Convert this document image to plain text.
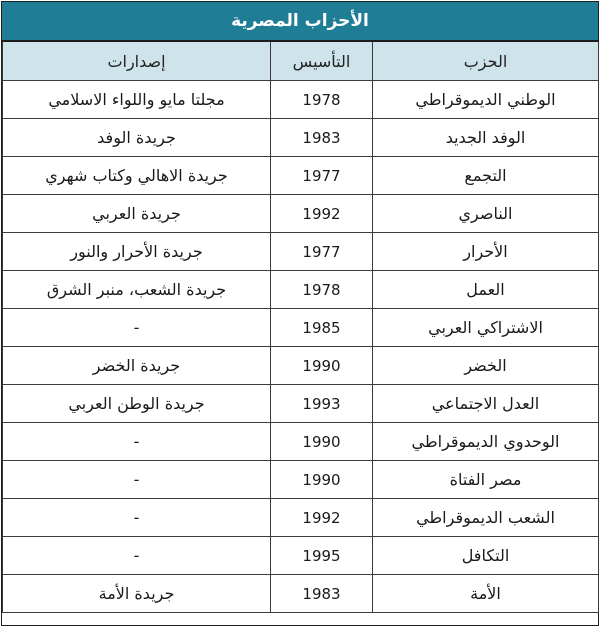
الأحزاب المصرية
الحزب	التأسيس	إصدارات
الوطني الديموقراطي	1978	مجلتا مايو واللواء الاسلامي
الوفد الجديد	1983	جريدة الوفد
التجمع	1977	جريدة الاهالي وكتاب شهري
الناصري	1992	جريدة العربي
الأحرار	1977	جريدة الأحرار والنور
العمل	1978	جريدة الشعب، منبر الشرق
الاشتراكي العربي	1985	-
الخضر	1990	جريدة الخضر
العدل الاجتماعي	1993	جريدة الوطن العربي
الوحدوي الديموقراطي	1990	-
مصر الفتاة	1990	-
الشعب الديموقراطي	1992	-
التكافل	1995	-
الأمة	1983	جريدة الأمة
